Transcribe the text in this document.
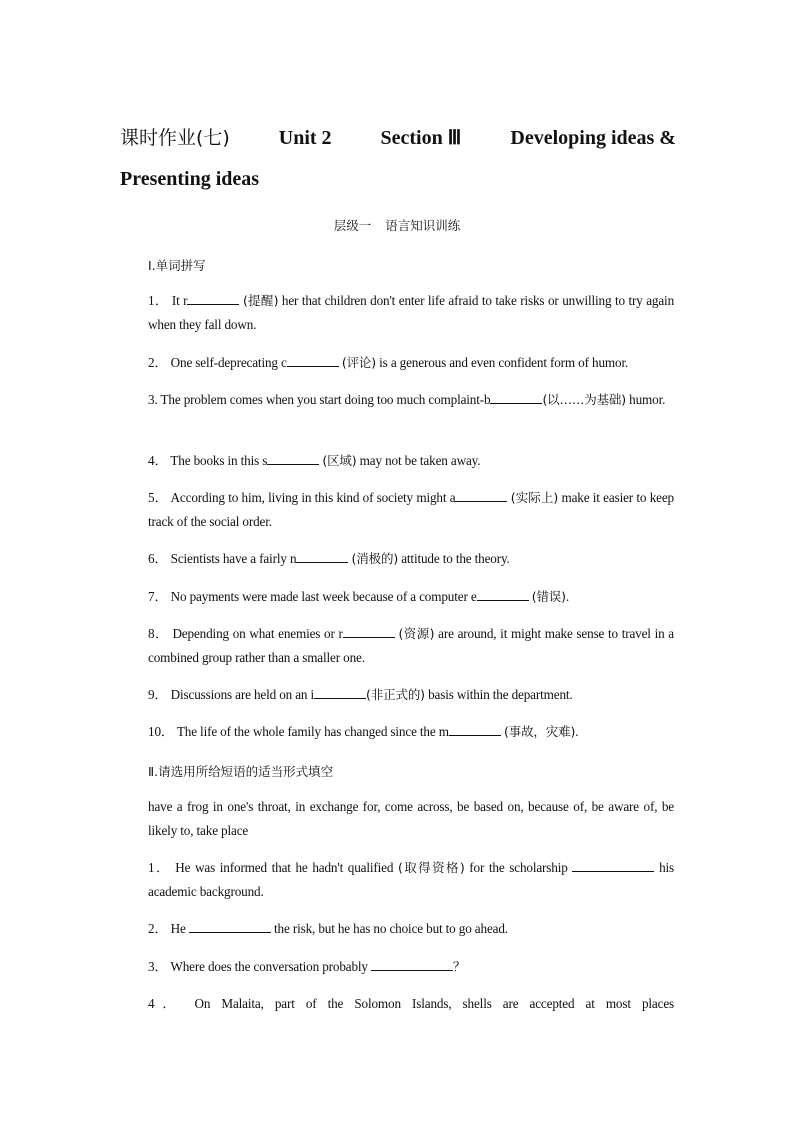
课时作业(七) Unit 2 Section Ⅲ Developing ideas &
Presenting ideas
层级一 语言知识训练
Ⅰ.单词拼写
1． It r	(提醒) her that children don't enter life afraid to take risks or unwilling to try again when they fall down.
2． One self-deprecating c	(评论) is a generous and even confident form of humor.
3. The problem comes when you start doing too much complaint-b	(以……为基础) humor.
4． The books in this s	(区域) may not be taken away.
5． According to him, living in this kind of society might a	(实际上) make it easier to keep track of the social order.
6． Scientists have a fairly n	(消极的) attitude to the theory.
7． No payments were made last week because of a computer e	(错误).
8． Depending on what enemies or r	(资源) are around, it might make sense to travel in a combined group rather than a smaller one.
9． Discussions are held on an i	(非正式的) basis within the department.
10． The life of the whole family has changed since the m	(事故，灾难).
Ⅱ.请选用所给短语的适当形式填空
have a frog in one's throat, in exchange for, come across, be based on, because of, be aware of, be likely to, take place
1． He was informed that he hadn't qualified (取得资格) for the scholarship	his academic background.
2． He	the risk, but he has no choice but to go ahead.
3． Where does the conversation probably	？
4． On Malaita, part of the Solomon Islands, shells are accepted at most places
